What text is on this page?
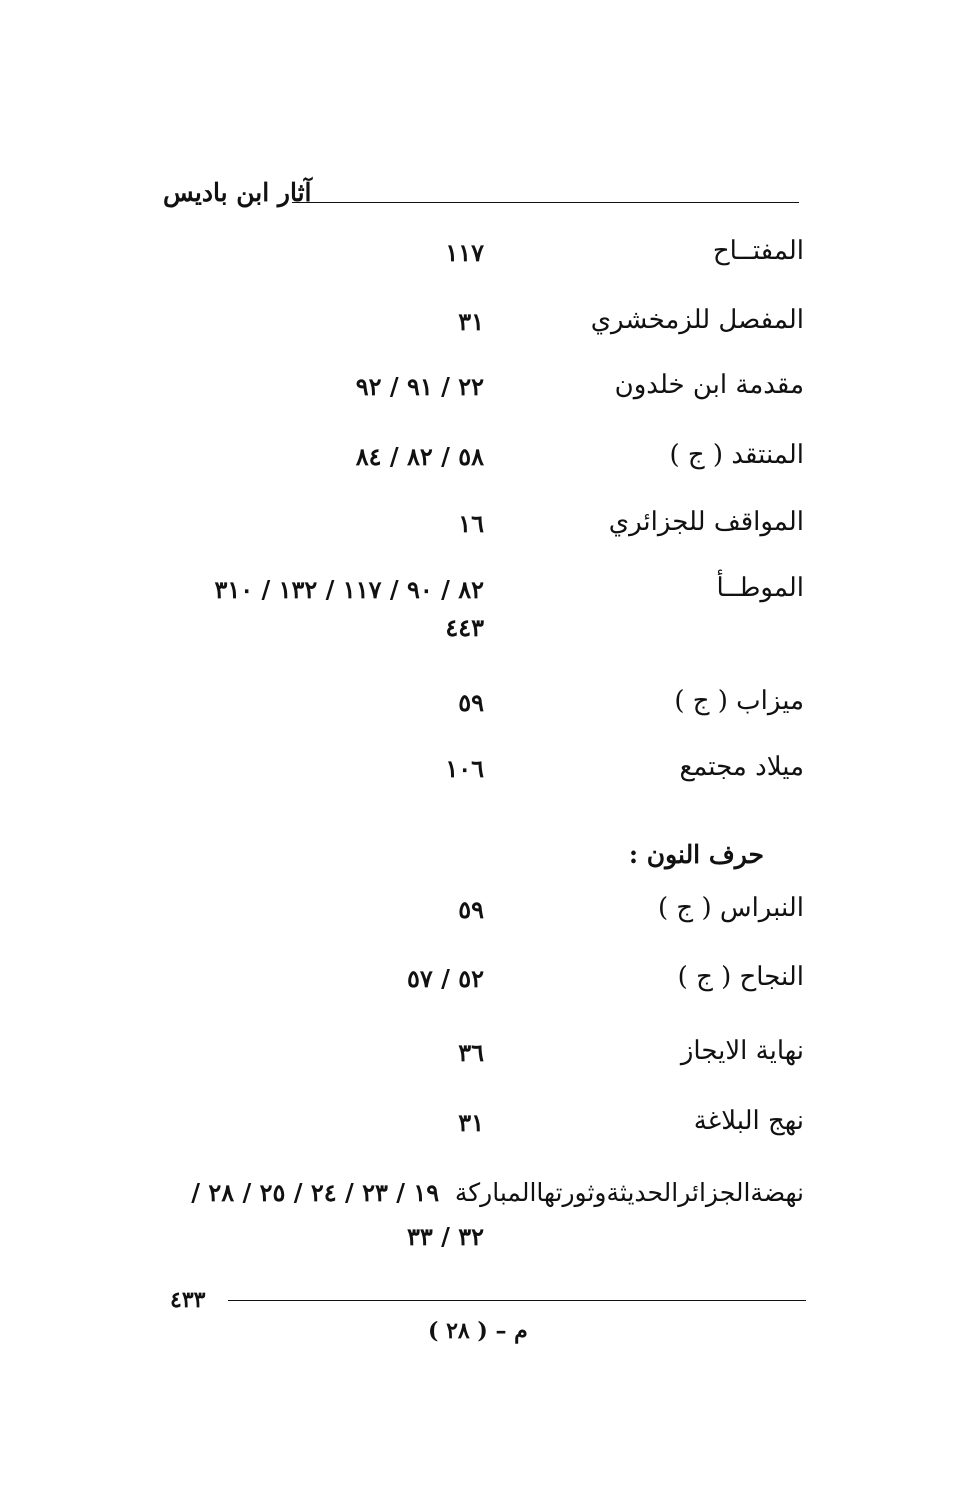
آثار ابن باديس
المفتــاح
١١٧
المفصل للزمخشري
٣١
مقدمة ابن خلدون
٢٢ / ٩١ / ٩٢
المنتقد ( ج )
٥٨ / ٨٢ / ٨٤
المواقف للجزائري
١٦
الموطــأ
٨٢ / ٩٠ / ١١٧ / ١٣٢ / ٣١٠
٤٤٣
ميزاب ( ج )
٥٩
ميلاد مجتمع
١٠٦
حرف النون :
النبراس ( ج )
٥٩
النجاح ( ج )
٥٢ / ٥٧
نهاية الايجاز
٣٦
نهج البلاغة
٣١
نهضةالجزائرالحديثةوثورتهاالمباركة ١٩ / ٢٣ / ٢٤ / ٢٥ / ٢٨ /
٣٢ / ٣٣
٤٣٣
م – ( ٢٨ )
